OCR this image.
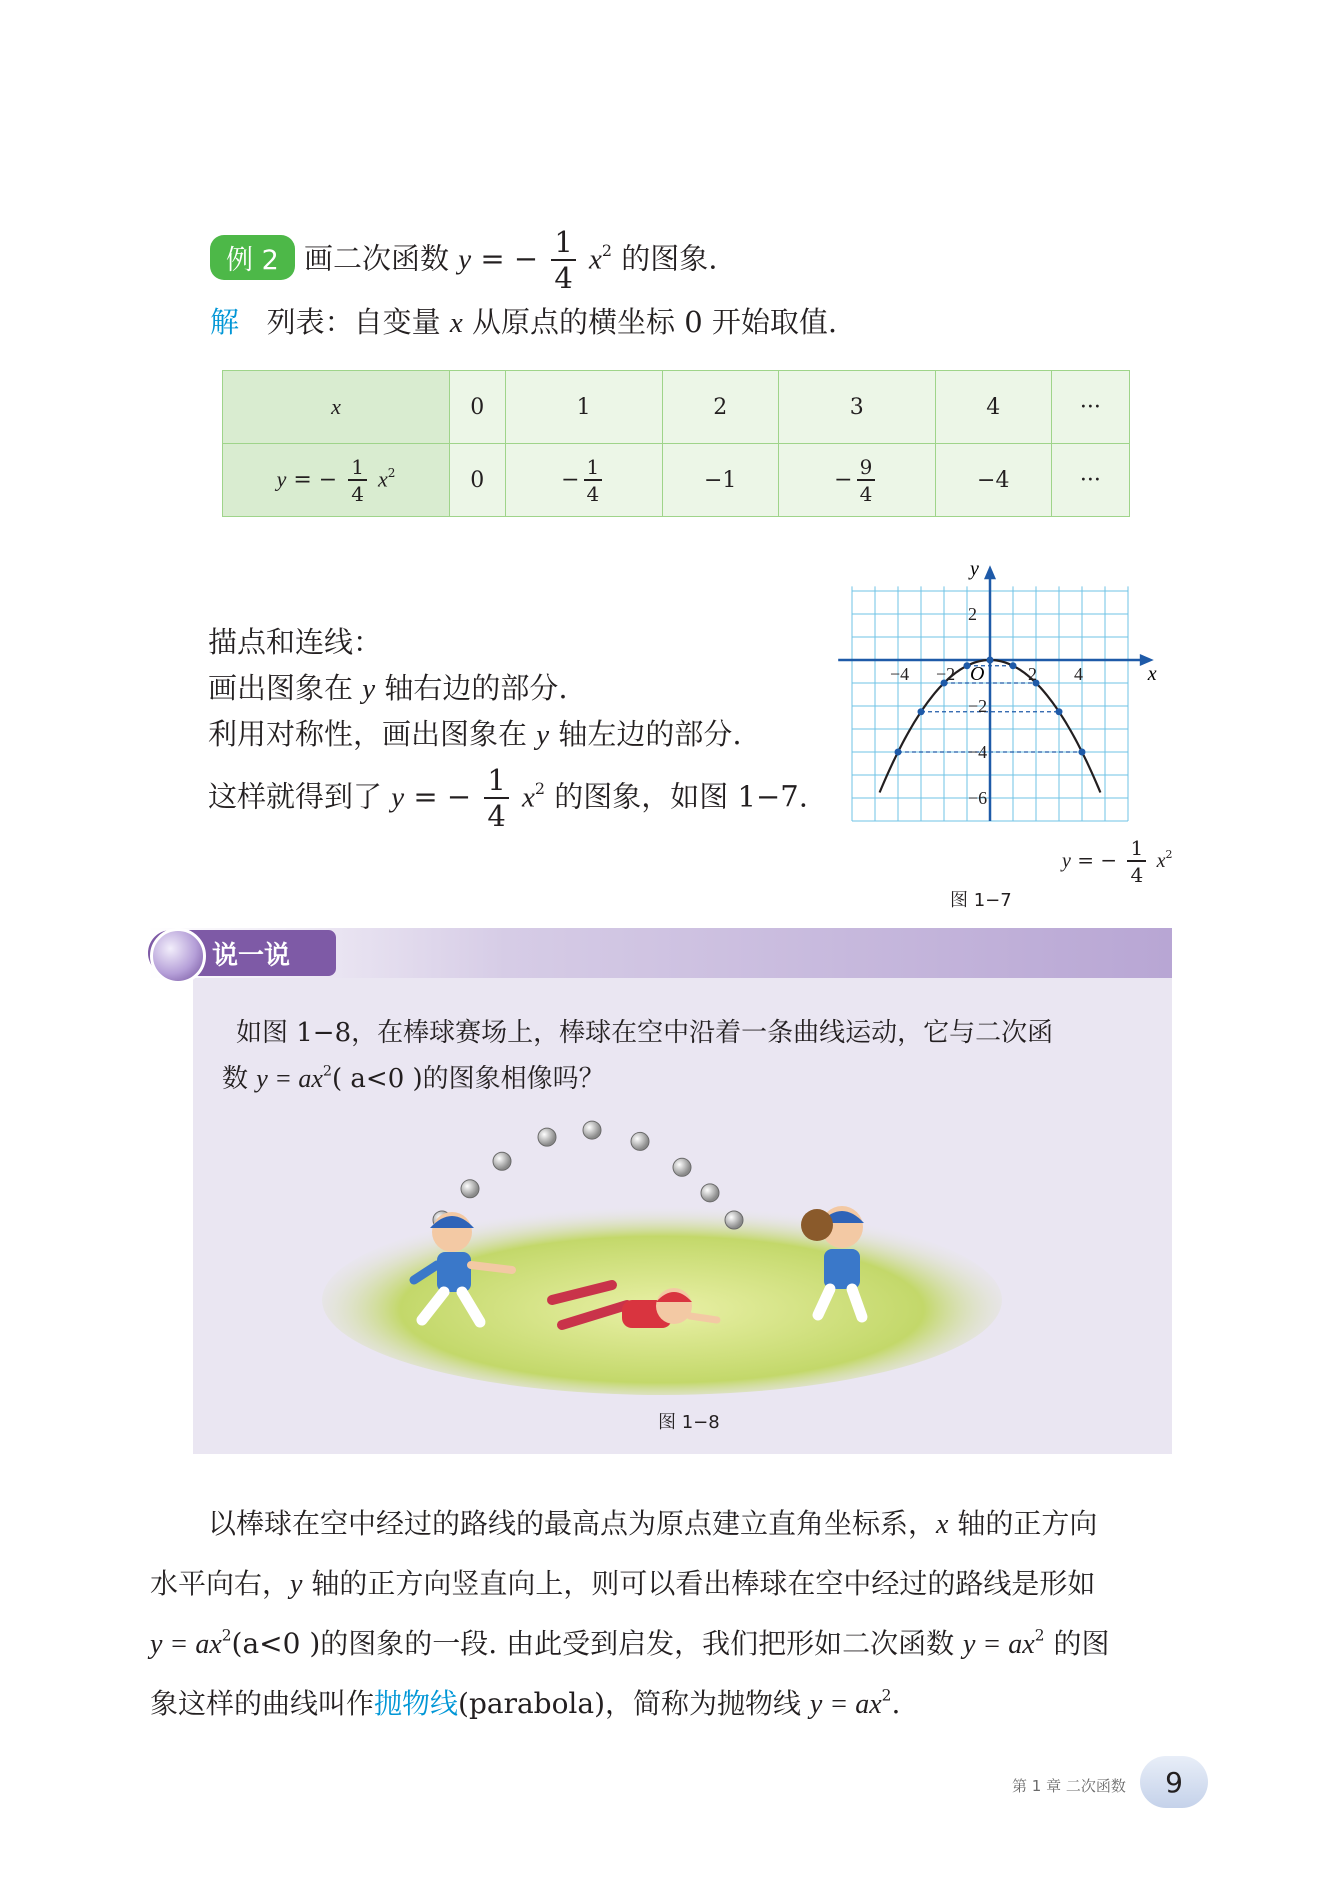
例 2 画二次函数 y = − $\frac{1}{4} x^2$ 的图象.
解 列表：自变量 x 从原点的横坐标 0 开始取值.
x	0	1	2	3	4	···
y = − $\frac{1}{4} x^2$	0	− $\frac{1}{4}$	−1	− $\frac{9}{4}$	−4	···
描点和连线：
画出图象在 y 轴右边的部分.
利用对称性，画出图象在 y 轴左边的部分.
这样就得到了 y = − $\frac{1}{4} x^2$ 的图象，如图 1−7.
−4 −2	2 4
2
−2
−4
−6
x
y
O
y = − $\frac{1}{4} x^2$
图 1−7
说一说
如图 1−8，在棒球赛场上，棒球在空中沿着一条曲线运动，它与二次函
数 $y = ax^2$( a<0 )的图象相像吗？
图 1−8
以棒球在空中经过的路线的最高点为原点建立直角坐标系，x 轴的正方向
水平向右，y 轴的正方向竖直向上，则可以看出棒球在空中经过的路线是形如
$y = ax^2(a<0$ )的图象的一段. 由此受到启发，我们把形如二次函数 $y = ax^2$ 的图
象这样的曲线叫作抛物线(parabola)，简称为抛物线 $y = ax^2$.
第 1 章 二次函数	9
